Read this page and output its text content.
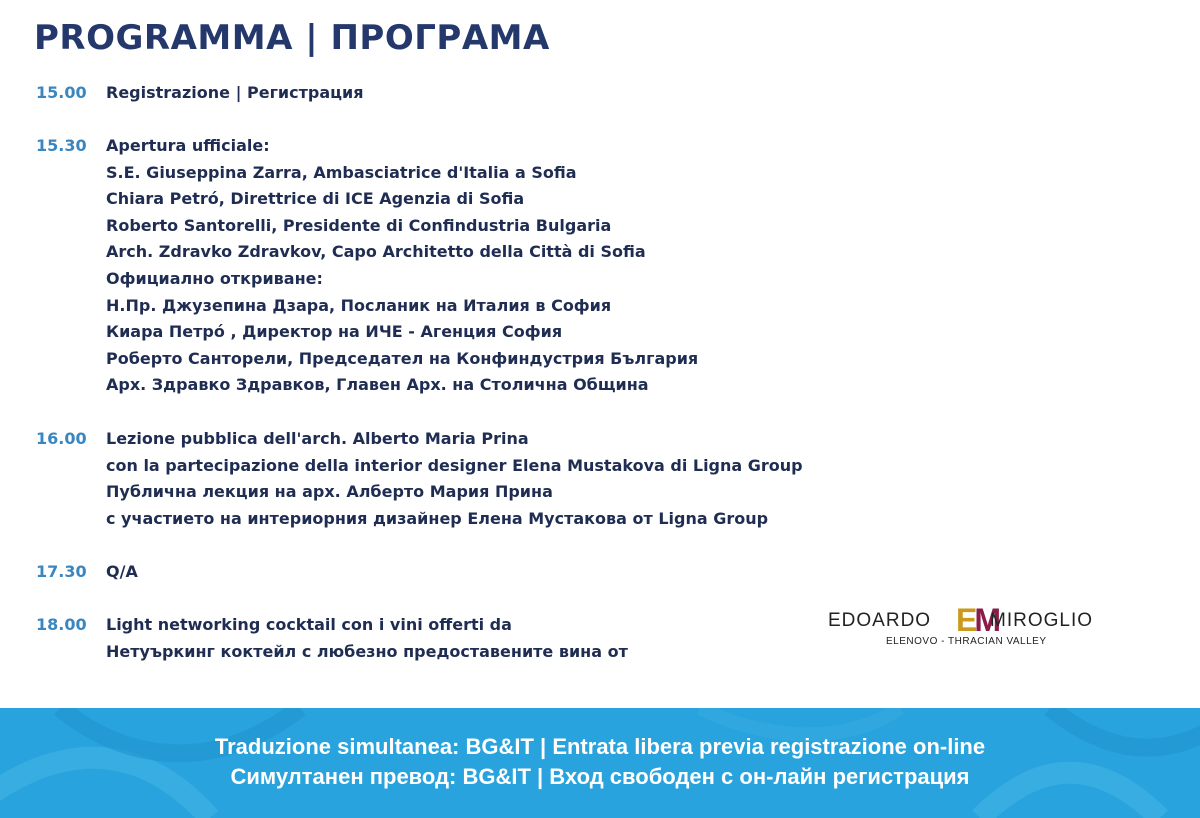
PROGRAMMA | ПРОГРАМА
15.00 Registrazione | Регистрация
15.30 Apertura ufficiale:
S.E. Giuseppina Zarra, Ambasciatrice d'Italia a Sofia
Chiara Petró, Direttrice di ICE Agenzia di Sofia
Roberto Santorelli, Presidente di Confindustria Bulgaria
Arch. Zdravko Zdravkov, Capo Architetto della Città di Sofia
Официално откриване:
Н.Пр. Джузепина Дзара, Посланик на Италия в София
Киара Петрó , Директор на ИЧЕ - Агенция София
Роберто Санторели, Председател на Конфиндустрия България
Арх. Здравко Здравков, Главен Арх. на Столична Община
16.00 Lezione pubblica dell'arch. Alberto Maria Prina
con la partecipazione della interior designer Elena Mustakova di Ligna Group
Публична лекция на арх. Алберто Мария Прина
с участието на интериорния дизайнер Елена Мустакова от Ligna Group
17.30 Q/A
18.00 Light networking cocktail con i vini offerti da
Нетуъркинг коктейл с любезно предоставените вина от
EDOARDO EM
MIROGLIO
ELENOVO - THRACIAN VALLEY
Traduzione simultanea: BG&IT | Entrata libera previa registrazione on-line
Симултанен превод: BG&IT | Вход свободен с он-лайн регистрация
